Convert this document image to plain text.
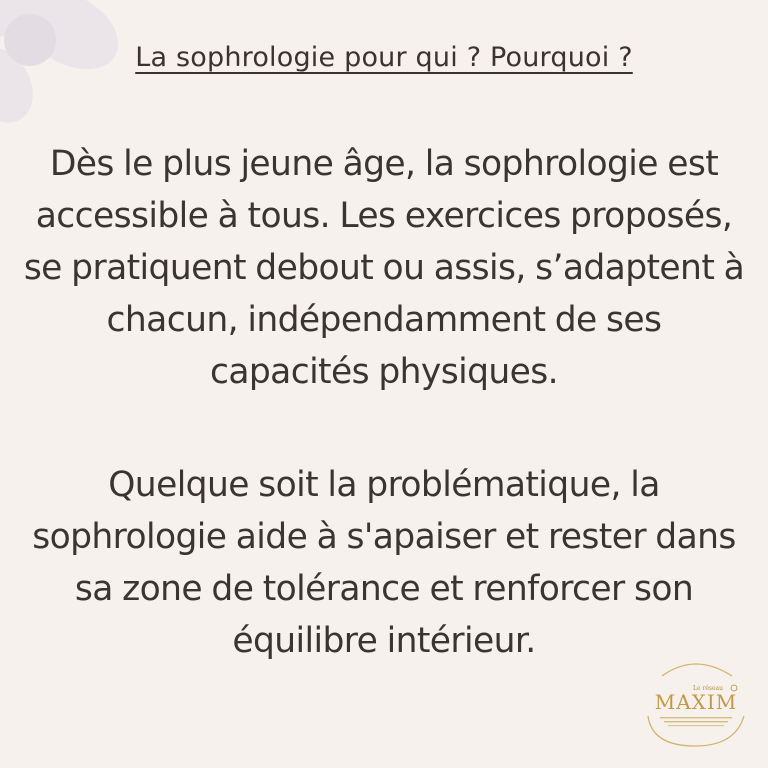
La sophrologie pour qui ? Pourquoi ?
Dès le plus jeune âge, la sophrologie est
accessible à tous. Les exercices proposés,
se pratiquent debout ou assis, s’adaptent à
chacun, indépendamment de ses
capacités physiques.
Quelque soit la problématique, la
sophrologie aide à s'apaiser et rester dans
sa zone de tolérance et renforcer son
équilibre intérieur.
Le réseau
MAXIM
